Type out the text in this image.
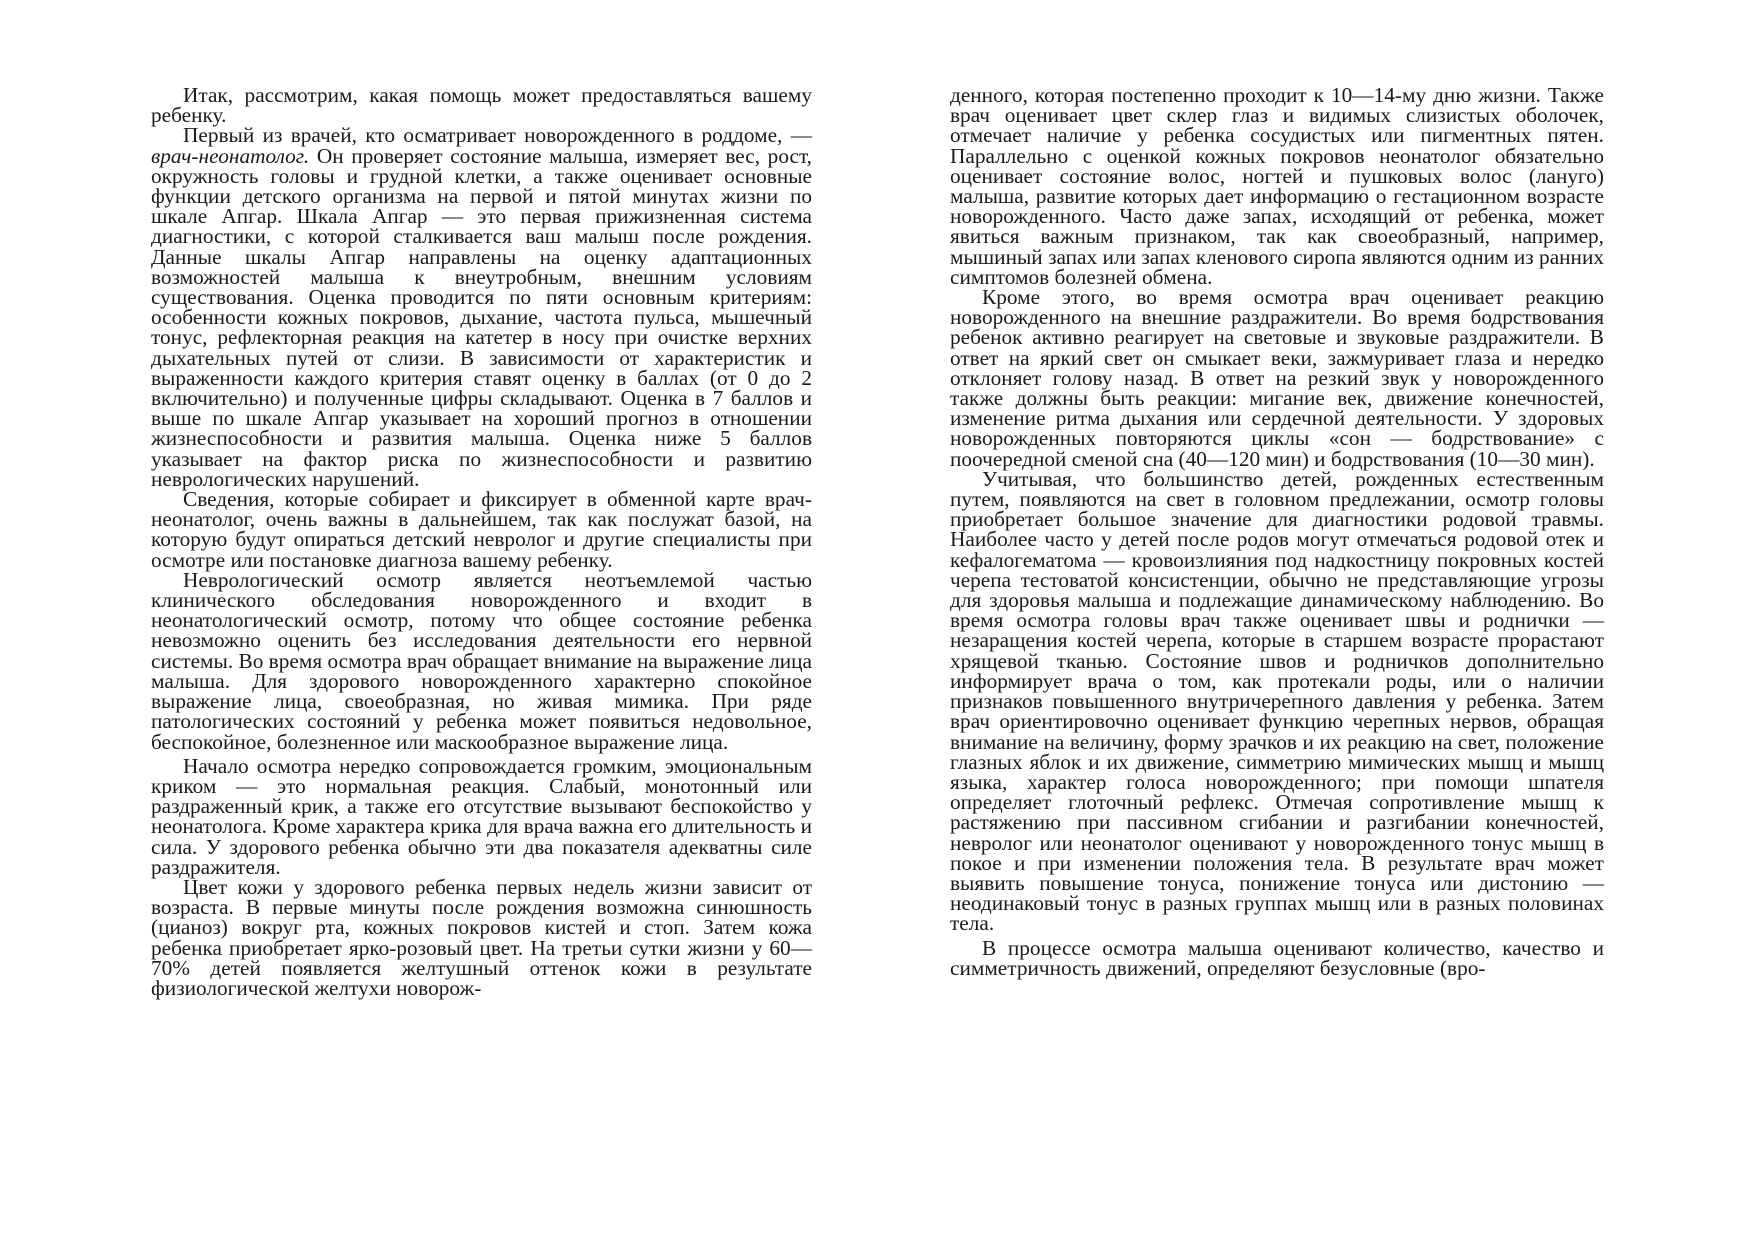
Итак, рассмотрим, какая помощь может предоставляться вашему ребенку.

Первый из врачей, кто осматривает новорожденного в роддоме, — врач-неонатолог. Он проверяет состояние малыша, измеряет вес, рост, окружность головы и грудной клетки, а также оценивает основные функции детского организма на первой и пятой минутах жизни по шкале Апгар. Шкала Апгар — это первая прижизненная система диагностики, с которой сталкивается ваш малыш после рождения. Данные шкалы Апгар направлены на оценку адаптационных возможностей малыша к внеутробным, внешним условиям существования. Оценка проводится по пяти основным критериям: особенности кожных покровов, дыхание, частота пульса, мышечный тонус, рефлекторная реакция на катетер в носу при очистке верхних дыхательных путей от слизи. В зависимости от характеристик и выраженности каждого критерия ставят оценку в баллах (от 0 до 2 включительно) и полученные цифры складывают. Оценка в 7 баллов и выше по шкале Апгар указывает на хороший прогноз в отношении жизнеспособности и развития малыша. Оценка ниже 5 баллов указывает на фактор риска по жизнеспособности и развитию неврологических нарушений.

Сведения, которые собирает и фиксирует в обменной карте врач-неонатолог, очень важны в дальнейшем, так как послужат базой, на которую будут опираться детский невролог и другие специалисты при осмотре или постановке диагноза вашему ребенку.

Неврологический осмотр является неотъемлемой частью клинического обследования новорожденного и входит в неонатологический осмотр, потому что общее состояние ребенка невозможно оценить без исследования деятельности его нервной системы. Во время осмотра врач обращает внимание на выражение лица малыша. Для здорового новорожденного характерно спокойное выражение лица, своеобразная, но живая мимика. При ряде патологических состояний у ребенка может появиться недовольное, беспокойное, болезненное или маскообразное выражение лица.

Начало осмотра нередко сопровождается громким, эмоциональным криком — это нормальная реакция. Слабый, монотонный или раздраженный крик, а также его отсутствие вызывают беспокойство у неонатолога. Кроме характера крика для врача важна его длительность и сила. У здорового ребенка обычно эти два показателя адекватны силе раздражителя.

Цвет кожи у здорового ребенка первых недель жизни зависит от возраста. В первые минуты после рождения возможна синюшность (цианоз) вокруг рта, кожных покровов кистей и стоп. Затем кожа ребенка приобретает ярко-розовый цвет. На третьи сутки жизни у 60—70% детей появляется желтушный оттенок кожи в результате физиологической желтухи новорож-

денного, которая постепенно проходит к 10—14-му дню жизни. Также врач оценивает цвет склер глаз и видимых слизистых оболочек, отмечает наличие у ребенка сосудистых или пигментных пятен. Параллельно с оценкой кожных покровов неонатолог обязательно оценивает состояние волос, ногтей и пушковых волос (лануго) малыша, развитие которых дает информацию о гестационном возрасте новорожденного. Часто даже запах, исходящий от ребенка, может явиться важным признаком, так как своеобразный, например, мышиный запах или запах кленового сиропа являются одним из ранних симптомов болезней обмена.

Кроме этого, во время осмотра врач оценивает реакцию новорожденного на внешние раздражители. Во время бодрствования ребенок активно реагирует на световые и звуковые раздражители. В ответ на яркий свет он смыкает веки, зажмуривает глаза и нередко отклоняет голову назад. В ответ на резкий звук у новорожденного также должны быть реакции: мигание век, движение конечностей, изменение ритма дыхания или сердечной деятельности. У здоровых новорожденных повторяются циклы «сон — бодрствование» с поочередной сменой сна (40—120 мин) и бодрствования (10—30 мин).

Учитывая, что большинство детей, рожденных естественным путем, появляются на свет в головном предлежании, осмотр головы приобретает большое значение для диагностики родовой травмы. Наиболее часто у детей после родов могут отмечаться родовой отек и кефалогематома — кровоизлияния под надкостницу покровных костей черепа тестоватой консистенции, обычно не представляющие угрозы для здоровья малыша и подлежащие динамическому наблюдению. Во время осмотра головы врач также оценивает швы и роднички — незаращения костей черепа, которые в старшем возрасте прорастают хрящевой тканью. Состояние швов и родничков дополнительно информирует врача о том, как протекали роды, или о наличии признаков повышенного внутричерепного давления у ребенка. Затем врач ориентировочно оценивает функцию черепных нервов, обращая внимание на величину, форму зрачков и их реакцию на свет, положение глазных яблок и их движение, симметрию мимических мышц и мышц языка, характер голоса новорожденного; при помощи шпателя определяет глоточный рефлекс. Отмечая сопротивление мышц к растяжению при пассивном сгибании и разгибании конечностей, невролог или неонатолог оценивают у новорожденного тонус мышц в покое и при изменении положения тела. В результате врач может выявить повышение тонуса, понижение тонуса или дистонию — неодинаковый тонус в разных группах мышц или в разных половинах тела.

В процессе осмотра малыша оценивают количество, качество и симметричность движений, определяют безусловные (вро-
